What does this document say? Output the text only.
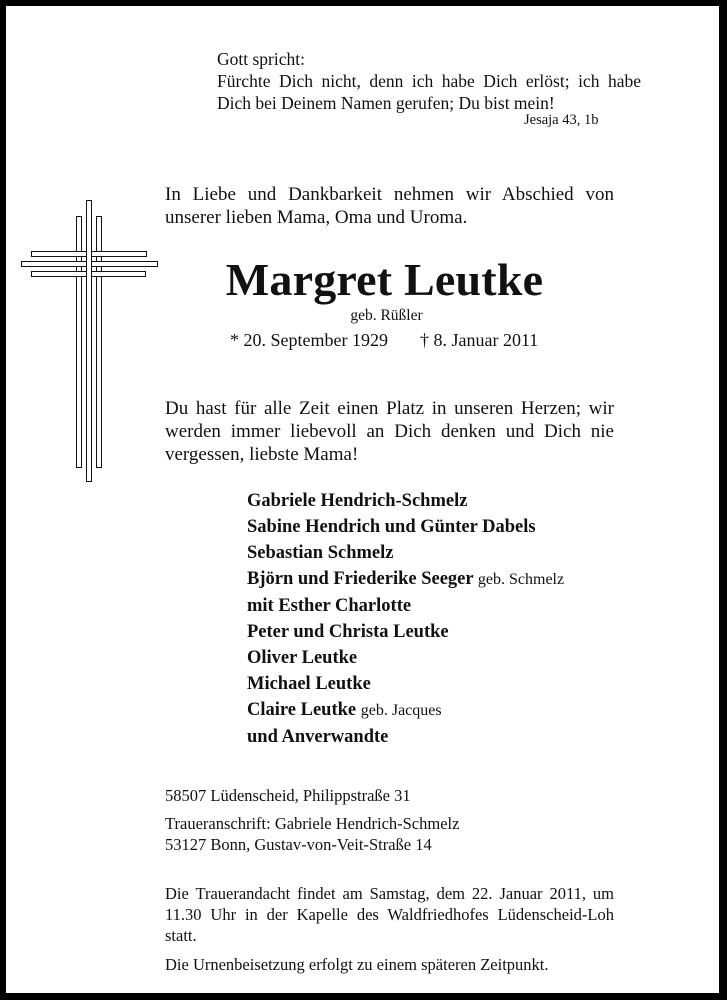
Gott spricht:
Fürchte Dich nicht, denn ich habe Dich erlöst; ich habe Dich bei Deinem Namen gerufen; Du bist mein!
Jesaja 43, 1b
In Liebe und Dankbarkeit nehmen wir Abschied von unserer lieben Mama, Oma und Uroma.
Margret Leutke
geb. Rüßler
* 20. September 1929 † 8. Januar 2011
Du hast für alle Zeit einen Platz in unseren Herzen; wir werden immer liebevoll an Dich denken und Dich nie vergessen, liebste Mama!
Gabriele Hendrich-Schmelz
Sabine Hendrich und Günter Dabels
Sebastian Schmelz
Björn und Friederike Seeger geb. Schmelz
mit Esther Charlotte
Peter und Christa Leutke
Oliver Leutke
Michael Leutke
Claire Leutke geb. Jacques
und Anverwandte
58507 Lüdenscheid, Philippstraße 31
Traueranschrift: Gabriele Hendrich-Schmelz
53127 Bonn, Gustav-von-Veit-Straße 14
Die Trauerandacht findet am Samstag, dem 22. Januar 2011, um 11.30 Uhr in der Kapelle des Waldfriedhofes Lüdenscheid-Loh statt.
Die Urnenbeisetzung erfolgt zu einem späteren Zeitpunkt.
